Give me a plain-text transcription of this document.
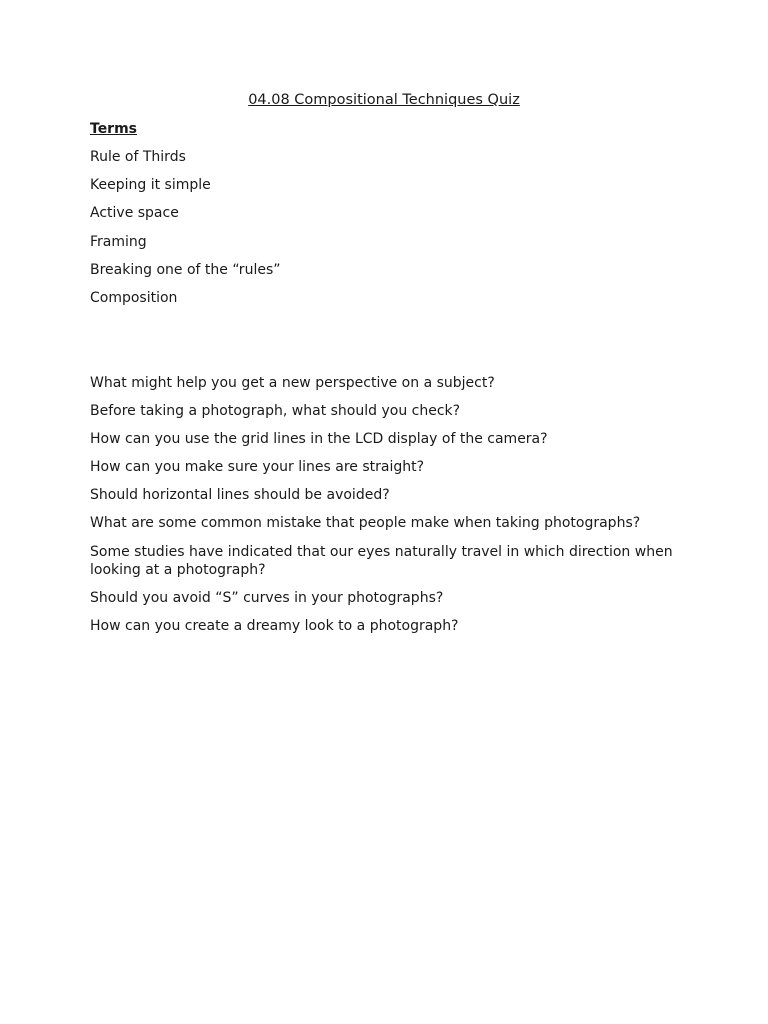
04.08 Compositional Techniques Quiz
Terms
Rule of Thirds
Keeping it simple
Active space
Framing
Breaking one of the “rules”
Composition
What might help you get a new perspective on a subject?
Before taking a photograph, what should you check?
How can you use the grid lines in the LCD display of the camera?
How can you make sure your lines are straight?
Should horizontal lines should be avoided?
What are some common mistake that people make when taking photographs?
Some studies have indicated that our eyes naturally travel in which direction when looking at a photograph?
Should you avoid “S” curves in your photographs?
How can you create a dreamy look to a photograph?
